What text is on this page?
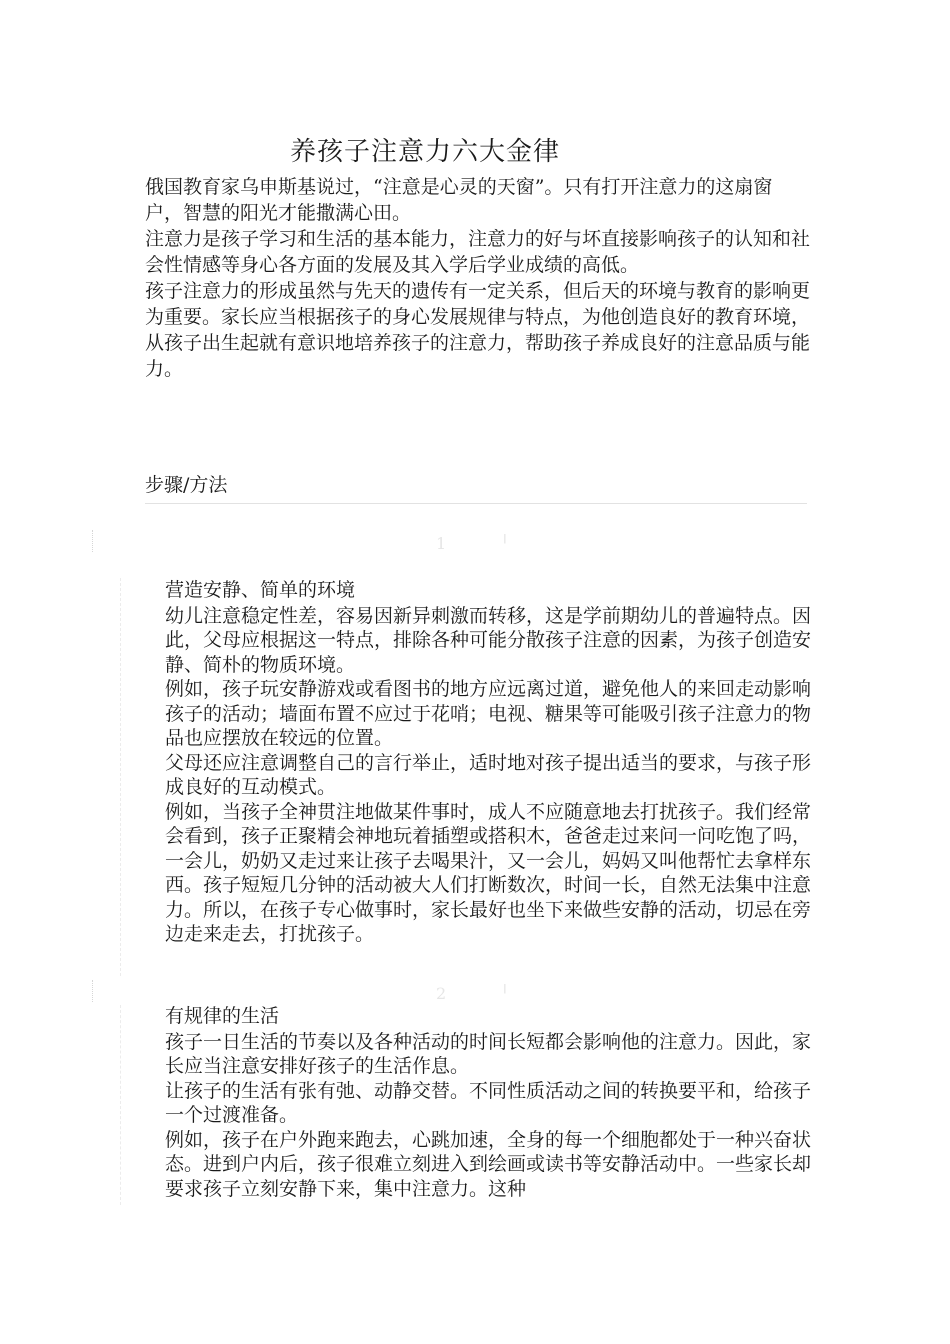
养孩子注意力六大金律

俄国教育家乌申斯基说过，“注意是心灵的天窗”。只有打开注意力的这扇窗户，智慧的阳光才能撒满心田。

注意力是孩子学习和生活的基本能力，注意力的好与坏直接影响孩子的认知和社会性情感等身心各方面的发展及其入学后学业成绩的高低。

孩子注意力的形成虽然与先天的遗传有一定关系，但后天的环境与教育的影响更为重要。家长应当根据孩子的身心发展规律与特点，为他创造良好的教育环境，从孩子出生起就有意识地培养孩子的注意力，帮助孩子养成良好的注意品质与能力。

步骤/方法
1	╵

营造安静、简单的环境

幼儿注意稳定性差，容易因新异刺激而转移，这是学前期幼儿的普遍特点。因此，父母应根据这一特点，排除各种可能分散孩子注意的因素，为孩子创造安静、简朴的物质环境。

例如，孩子玩安静游戏或看图书的地方应远离过道，避免他人的来回走动影响孩子的活动；墙面布置不应过于花哨；电视、糖果等可能吸引孩子注意力的物品也应摆放在较远的位置。

父母还应注意调整自己的言行举止，适时地对孩子提出适当的要求，与孩子形成良好的互动模式。

例如，当孩子全神贯注地做某件事时，成人不应随意地去打扰孩子。我们经常会看到，孩子正聚精会神地玩着插塑或搭积木，爸爸走过来问一问吃饱了吗，一会儿，奶奶又走过来让孩子去喝果汁，又一会儿，妈妈又叫他帮忙去拿样东西。孩子短短几分钟的活动被大人们打断数次，时间一长，自然无法集中注意力。所以，在孩子专心做事时，家长最好也坐下来做些安静的活动，切忌在旁边走来走去，打扰孩子。

2	╵

有规律的生活

孩子一日生活的节奏以及各种活动的时间长短都会影响他的注意力。因此，家长应当注意安排好孩子的生活作息。

让孩子的生活有张有弛、动静交替。不同性质活动之间的转换要平和，给孩子一个过渡准备。

例如，孩子在户外跑来跑去，心跳加速，全身的每一个细胞都处于一种兴奋状态。进到户内后，孩子很难立刻进入到绘画或读书等安静活动中。一些家长却要求孩子立刻安静下来，集中注意力。这种
